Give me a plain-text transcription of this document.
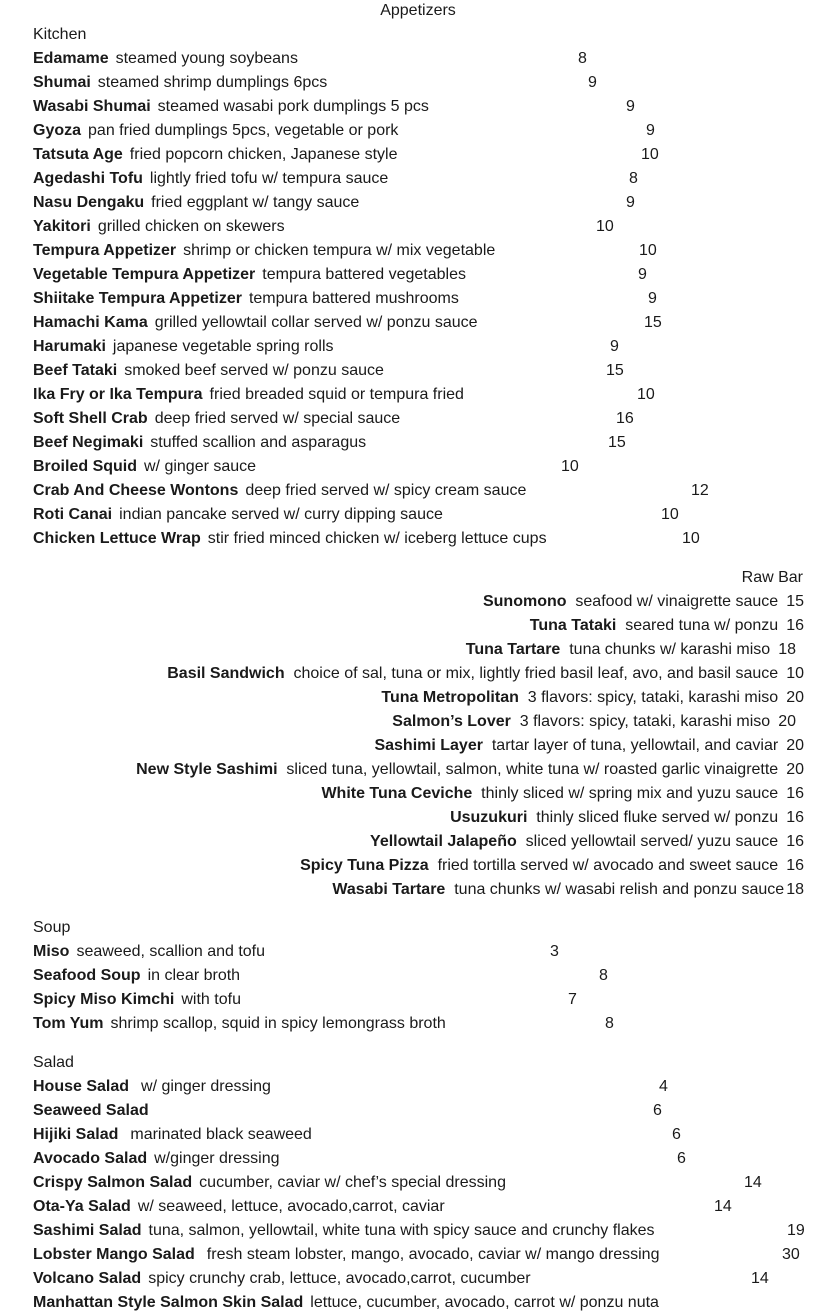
Appetizers
Kitchen
Edamame steamed young soybeans	8
Shumai steamed shrimp dumplings 6pcs	9
Wasabi Shumai steamed wasabi pork dumplings 5 pcs	9
Gyoza pan fried dumplings 5pcs, vegetable or pork	9
Tatsuta Age fried popcorn chicken, Japanese style	10
Agedashi Tofu lightly fried tofu w/ tempura sauce	8
Nasu Dengaku fried eggplant w/ tangy sauce	9
Yakitori grilled chicken on skewers	10
Tempura Appetizer shrimp or chicken tempura w/ mix vegetable	10
Vegetable Tempura Appetizer tempura battered vegetables	9
Shiitake Tempura Appetizer tempura battered mushrooms	9
Hamachi Kama grilled yellowtail collar served w/ ponzu sauce	15
Harumaki japanese vegetable spring rolls	9
Beef Tataki smoked beef served w/ ponzu sauce	15
Ika Fry or Ika Tempura fried breaded squid or tempura fried	10
Soft Shell Crab deep fried served w/ special sauce	16
Beef Negimaki stuffed scallion and asparagus	15
Broiled Squid w/ ginger sauce	10
Crab And Cheese Wontons deep fried served w/ spicy cream sauce	12
Roti Canai indian pancake served w/ curry dipping sauce	10
Chicken Lettuce Wrap stir fried minced chicken w/ iceberg lettuce cups	10
Raw Bar
Sunomono seafood w/ vinaigrette sauce 15
Tuna Tataki seared tuna w/ ponzu 16
Tuna Tartare tuna chunks w/ karashi miso 18
Basil Sandwich choice of sal, tuna or mix, lightly fried basil leaf, avo, and basil sauce 10
Tuna Metropolitan 3 flavors: spicy, tataki, karashi miso 20
Salmon’s Lover 3 flavors: spicy, tataki, karashi miso 20
Sashimi Layer tartar layer of tuna, yellowtail, and caviar 20
New Style Sashimi sliced tuna, yellowtail, salmon, white tuna w/ roasted garlic vinaigrette 20
White Tuna Ceviche thinly sliced w/ spring mix and yuzu sauce 16
Usuzukuri thinly sliced fluke served w/ ponzu 16
Yellowtail Jalapeño sliced yellowtail served/ yuzu sauce 16
Spicy Tuna Pizza fried tortilla served w/ avocado and sweet sauce 16
Wasabi Tartare tuna chunks w/ wasabi relish and ponzu sauce 18
Soup
Miso seaweed, scallion and tofu	3
Seafood Soup in clear broth	8
Spicy Miso Kimchi with tofu	7
Tom Yum shrimp scallop, squid in spicy lemongrass broth	8
Salad
House Salad w/ ginger dressing	4
Seaweed Salad	6
Hijiki Salad marinated black seaweed	6
Avocado Salad w/ginger dressing	6
Crispy Salmon Salad cucumber, caviar w/ chef’s special dressing	14
Ota-Ya Salad w/ seaweed, lettuce, avocado,carrot, caviar	14
Sashimi Salad tuna, salmon, yellowtail, white tuna with spicy sauce and crunchy flakes	19
Lobster Mango Salad fresh steam lobster, mango, avocado, caviar w/ mango dressing	30
Volcano Salad spicy crunchy crab, lettuce, avocado,carrot, cucumber	14
Manhattan Style Salmon Skin Salad lettuce, cucumber, avocado, carrot w/ ponzu nuta
